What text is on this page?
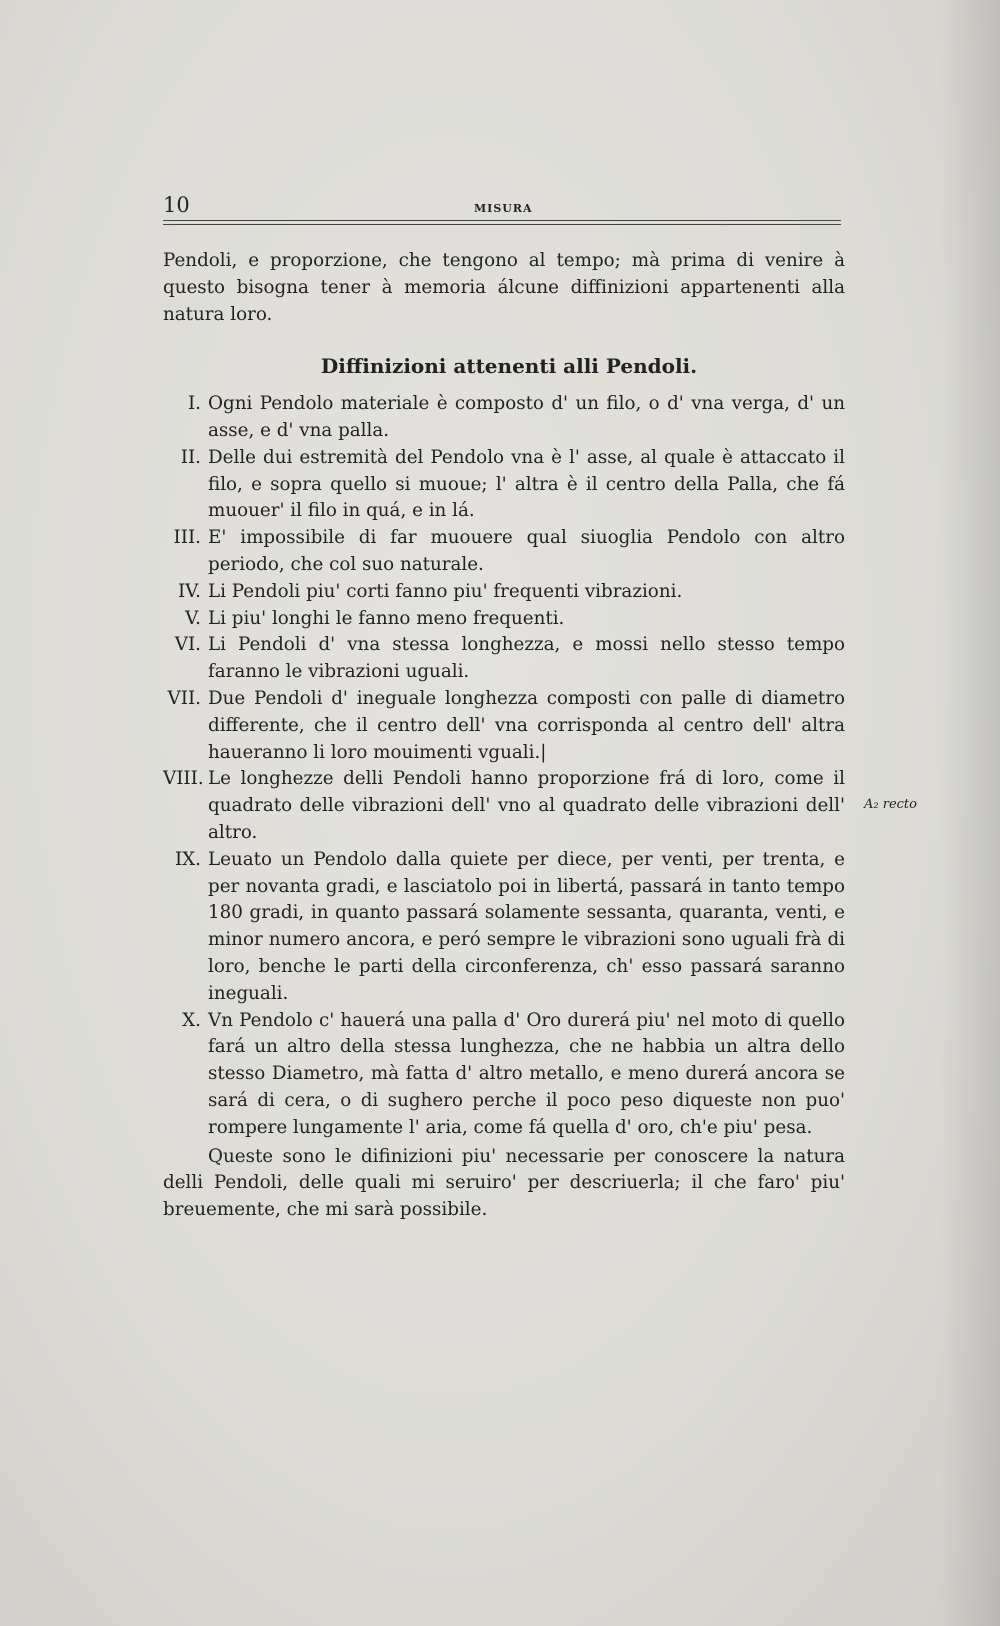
10	MISURA
Pendoli, e proporzione, che tengono al tempo; mà prima di venire à questo bisogna tener à memoria álcune diffinizioni appartenenti alla natura loro.
Diffinizioni attenenti alli Pendoli.
I. Ogni Pendolo materiale è composto d' un filo, o d' vna verga, d' un asse, e d' vna palla.
II. Delle dui estremità del Pendolo vna è l' asse, al quale è attaccato il filo, e sopra quello si muoue; l' altra è il centro della Palla, che fá muouer' il filo in quá, e in lá.
III. E' impossibile di far muouere qual siuoglia Pendolo con altro periodo, che col suo naturale.
IV. Li Pendoli piu' corti fanno piu' frequenti vibrazioni.
V. Li piu' longhi le fanno meno frequenti.
VI. Li Pendoli d' vna stessa longhezza, e mossi nello stesso tempo faranno le vibrazioni uguali.
VII. Due Pendoli d' ineguale longhezza composti con palle di diametro differente, che il centro dell' vna corrisponda al centro dell' altra haueranno li loro mouimenti vguali.|
VIII. Le longhezze delli Pendoli hanno proporzione frá di loro, come il quadrato delle vibrazioni dell' vno al quadrato delle vibrazioni dell' altro.
IX. Leuato un Pendolo dalla quiete per diece, per venti, per trenta, e per novanta gradi, e lasciatolo poi in libertá, passará in tanto tempo 180 gradi, in quanto passará solamente sessanta, quaranta, venti, e minor numero ancora, e peró sempre le vibrazioni sono uguali frà di loro, benche le parti della circonferenza, ch' esso passará saranno ineguali.
X. Vn Pendolo c' hauerá una palla d' Oro durerá piu' nel moto di quello fará un altro della stessa lunghezza, che ne habbia un altra dello stesso Diametro, mà fatta d' altro metallo, e meno durerá ancora se sará di cera, o di sughero perche il poco peso diqueste non puo' rompere lungamente l' aria, come fá quella d' oro, ch'e piu' pesa.
Queste sono le difinizioni piu' necessarie per conoscere la natura delli Pendoli, delle quali mi seruiro' per descriuerla; il che faro' piu' breuemente, che mi sarà possibile.
A₂ recto
